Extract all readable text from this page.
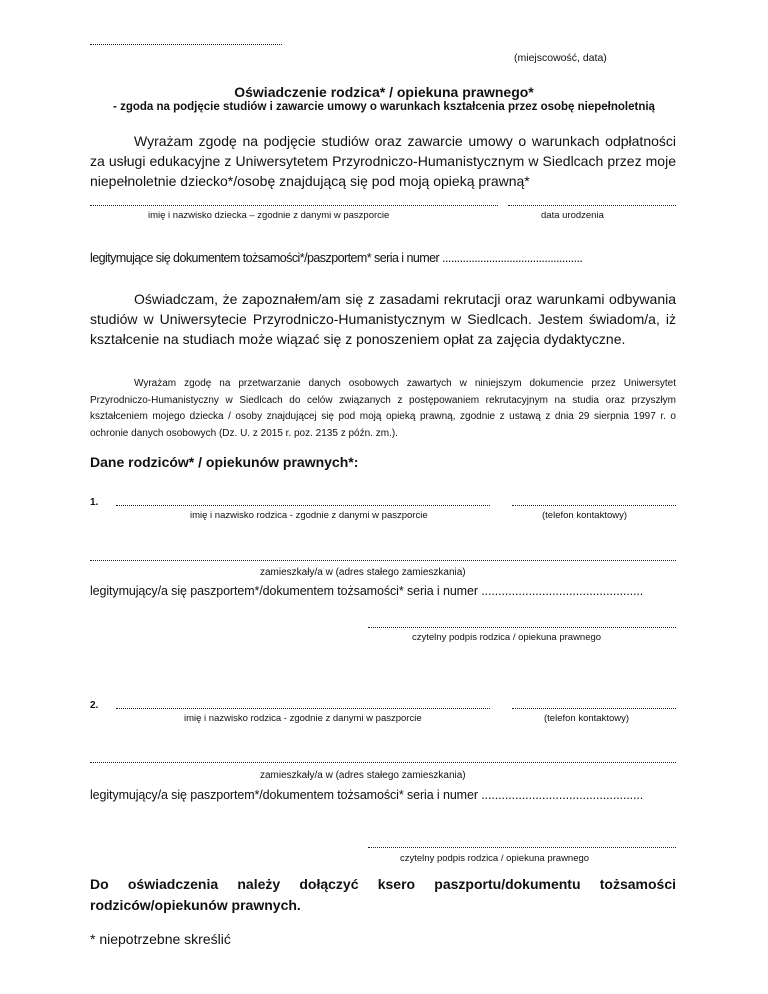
(miejscowość, data)
Oświadczenie rodzica* / opiekuna prawnego*
- zgoda na podjęcie studiów i zawarcie umowy o warunkach kształcenia przez osobę niepełnoletnią
Wyrażam zgodę na podjęcie studiów oraz zawarcie umowy o warunkach odpłatności za usługi edukacyjne z Uniwersytetem Przyrodniczo-Humanistycznym w Siedlcach przez moje niepełnoletnie dziecko*/osobę znajdującą się pod moją opieką prawną*
imię i nazwisko dziecka – zgodnie z danymi w paszporcie	data urodzenia
legitymujące się dokumentem tożsamości*/paszportem* seria i numer ................................................
Oświadczam, że zapoznałem/am się z zasadami rekrutacji oraz warunkami odbywania studiów w Uniwersytecie Przyrodniczo-Humanistycznym w Siedlcach. Jestem świadom/a, iż kształcenie na studiach może wiązać się z ponoszeniem opłat za zajęcia dydaktyczne.
Wyrażam zgodę na przetwarzanie danych osobowych zawartych w niniejszym dokumencie przez Uniwersytet Przyrodniczo-Humanistyczny w Siedlcach do celów związanych z postępowaniem rekrutacyjnym na studia oraz przyszłym kształceniem mojego dziecka / osoby znajdującej się pod moją opieką prawną, zgodnie z ustawą z dnia 29 sierpnia 1997 r. o ochronie danych osobowych (Dz. U. z 2015 r. poz. 2135 z późn. zm.).
Dane rodziców* / opiekunów prawnych*:
1.
imię i nazwisko rodzica - zgodnie z danymi w paszporcie	(telefon kontaktowy)
zamieszkały/a w (adres stałego zamieszkania)
legitymujący/a się paszportem*/dokumentem tożsamości* seria i numer ................................................
czytelny podpis rodzica / opiekuna prawnego
2.
imię i nazwisko rodzica - zgodnie z danymi w paszporcie	(telefon kontaktowy)
zamieszkały/a w (adres stałego zamieszkania)
legitymujący/a się paszportem*/dokumentem tożsamości* seria i numer ................................................
czytelny podpis rodzica / opiekuna prawnego
Do oświadczenia należy dołączyć ksero paszportu/dokumentu tożsamości rodziców/opiekunów prawnych.
* niepotrzebne skreślić
